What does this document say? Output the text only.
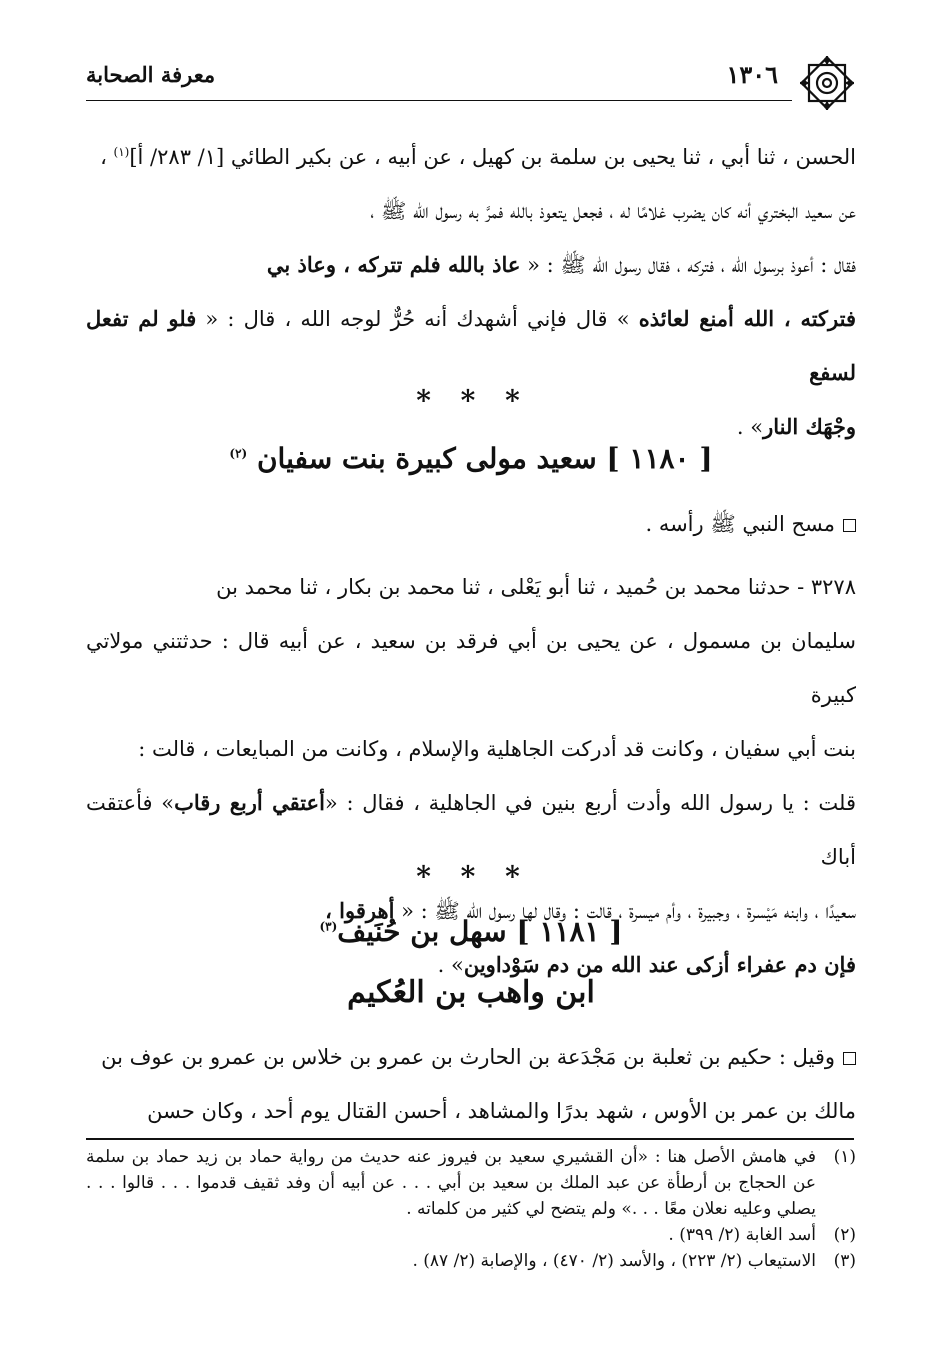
١٣٠٦
معرفة الصحابة
الحسن ، ثنا أبي ، ثنا يحيى بن سلمة بن كهيل ، عن أبيه ، عن بكير الطائي [١/ ٢٨٣/ أ]$^{(١)}$ ،
عن سعيد البختري أنه كان يضرب غلامًا له ، فجعل يتعوذ بالله فمرَّ به رسول الله ﷺ ،
فقال : أعوذ برسول الله ، فتركه ، فقال رسول الله ﷺ : « عاذ بالله فلم تتركه ، وعاذ بي
فتركته ، الله أمنع لعائذه » قال فإني أشهدك أنه حُرٌّ لوجه الله ، قال : « فلو لم تفعل لسفع
وجْهَك النار» .
* * *
[ ١١٨٠ ] سعيد مولى كبيرة بنت سفيان $^{(٢)}$
مسح النبي ﷺ رأسه .
٣٢٧٨ - حدثنا محمد بن حُميد ، ثنا أبو يَعْلى ، ثنا محمد بن بكار ، ثنا محمد بن
سليمان بن مسمول ، عن يحيى بن أبي فرقد بن سعيد ، عن أبيه قال : حدثتني مولاتي كبيرة
بنت أبي سفيان ، وكانت قد أدركت الجاهلية والإسلام ، وكانت من المبايعات ، قالت :
قلت : يا رسول الله وأدت أربع بنين في الجاهلية ، فقال : «أعتقي أربع رقاب» فأعتقت أباك
سعيدًا ، وابنه مَيْسرة ، وجبيرة ، وأم ميسرة ، قالت : وقال لها رسول الله ﷺ : « أهرقوا ،
فإن دم عفراء أزكى عند الله من دم سَوْداوين» .
* * *
[ ١١٨١ ] سهل بن حُنَيف$^{(٣)}$
ابن واهب بن العُكيم
وقيل : حكيم بن ثعلبة بن مَجْدَعة بن الحارث بن عمرو بن خلاس بن عمرو بن عوف بن
مالك بن عمر بن الأوس ، شهد بدرًا والمشاهد ، أحسن القتال يوم أحد ، وكان حسن
(١)
في هامش الأصل هنا : «أن القشيري سعيد بن فيروز عنه حديث من رواية حماد بن زيد حماد بن سلمة عن الحجاج بن أرطأة عن عبد الملك بن سعيد بن أبي . . . عن أبيه أن وفد ثقيف قدموا . . . قالوا . . . يصلي وعليه نعلان معًا . . .» ولم يتضح لي كثير من كلماته .
(٢)
أسد الغابة (٢/ ٣٩٩) .
(٣)
الاستيعاب (٢/ ٢٢٣) ، والأسد (٢/ ٤٧٠) ، والإصابة (٢/ ٨٧) .
